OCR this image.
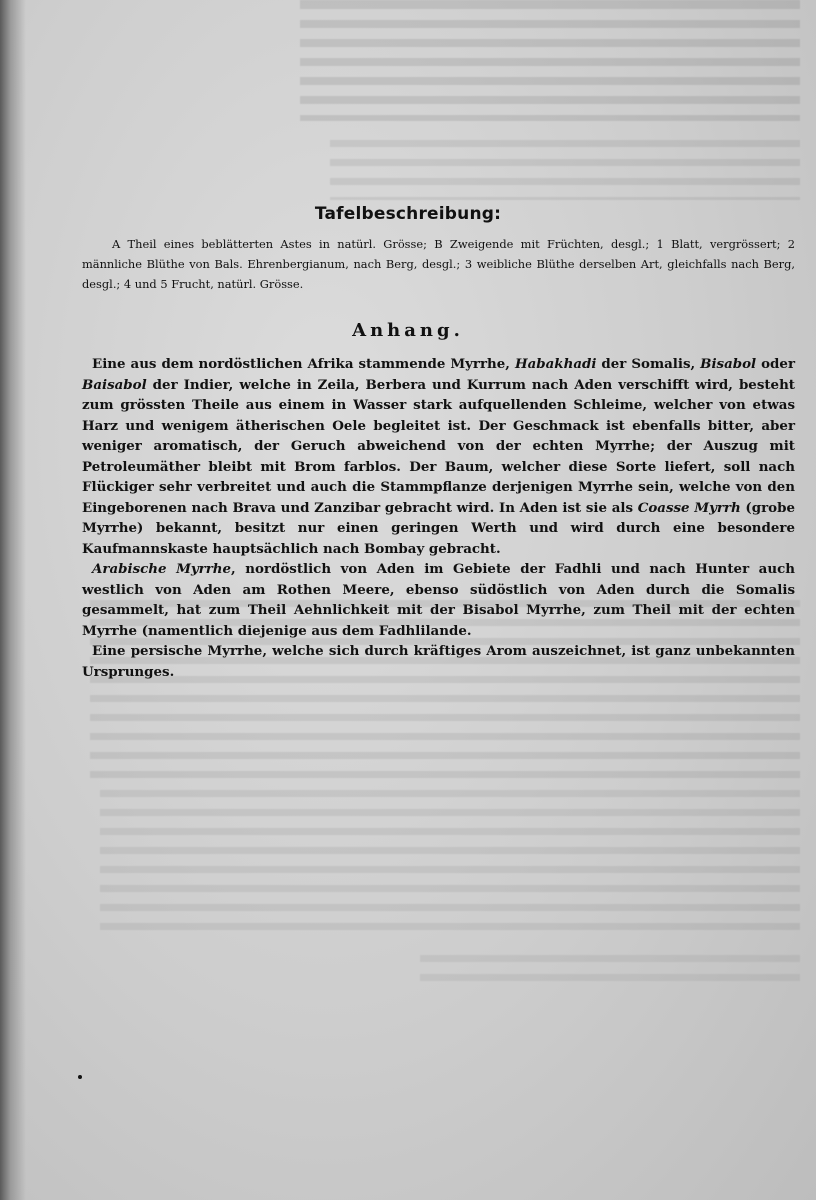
Tafelbeschreibung:
A Theil eines beblätterten Astes in natürl. Grösse; B Zweigende mit Früchten, desgl.; 1 Blatt, vergrössert; 2 männliche Blüthe von Bals. Ehrenbergianum, nach Berg, desgl.; 3 weibliche Blüthe derselben Art, gleichfalls nach Berg, desgl.; 4 und 5 Frucht, natürl. Grösse.
Anhang.

Eine aus dem nordöstlichen Afrika stammende Myrrhe, Habakhadi der Somalis, Bisabol oder Baisabol der Indier, welche in Zeila, Berbera und Kurrum nach Aden verschifft wird, besteht zum grössten Theile aus einem in Wasser stark aufquellenden Schleime, welcher von etwas Harz und wenigem ätherischen Oele begleitet ist. Der Geschmack ist ebenfalls bitter, aber weniger aromatisch, der Geruch abweichend von der echten Myrrhe; der Auszug mit Petroleumäther bleibt mit Brom farblos. Der Baum, welcher diese Sorte liefert, soll nach Flückiger sehr verbreitet und auch die Stammpflanze derjenigen Myrrhe sein, welche von den Eingeborenen nach Brava und Zanzibar gebracht wird. In Aden ist sie als Coasse Myrrh (grobe Myrrhe) bekannt, besitzt nur einen geringen Werth und wird durch eine besondere Kaufmannskaste hauptsächlich nach Bombay gebracht.

Arabische Myrrhe, nordöstlich von Aden im Gebiete der Fadhli und nach Hunter auch westlich von Aden am Rothen Meere, ebenso südöstlich von Aden durch die Somalis gesammelt, hat zum Theil Aehnlichkeit mit der Bisabol Myrrhe, zum Theil mit der echten Myrrhe (namentlich diejenige aus dem Fadhlilande.

Eine persische Myrrhe, welche sich durch kräftiges Arom auszeichnet, ist ganz unbekannten Ursprunges.
